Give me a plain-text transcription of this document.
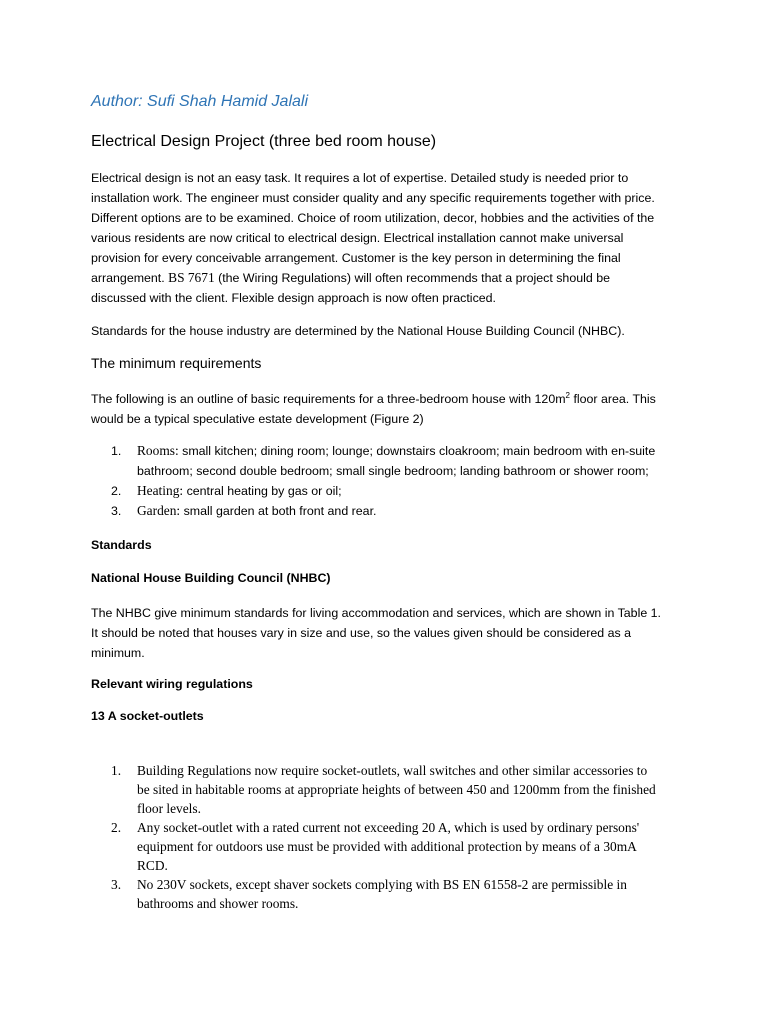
Author: Sufi Shah Hamid Jalali
Electrical Design Project (three bed room house)
Electrical design is not an easy task. It requires a lot of expertise. Detailed study is needed prior to
installation work. The engineer must consider quality and any specific requirements together with price.
Different options are to be examined. Choice of room utilization, decor, hobbies and the activities of the
various residents are now critical to electrical design. Electrical installation cannot make universal
provision for every conceivable arrangement. Customer is the key person in determining the final
arrangement. BS 7671 (the Wiring Regulations) will often recommends that a project should be
discussed with the client. Flexible design approach is now often practiced.
Standards for the house industry are determined by the National House Building Council (NHBC).
The minimum requirements
The following is an outline of basic requirements for a three-bedroom house with $120m^2$ floor area. This
would be a typical speculative estate development (Figure 2)
1. Rooms: small kitchen; dining room; lounge; downstairs cloakroom; main bedroom with en-suite
bathroom; second double bedroom; small single bedroom; landing bathroom or shower room;
2. Heating: central heating by gas or oil;
3. Garden: small garden at both front and rear.
Standards
National House Building Council (NHBC)
The NHBC give minimum standards for living accommodation and services, which are shown in Table 1.
It should be noted that houses vary in size and use, so the values given should be considered as a
minimum.
Relevant wiring regulations
13 A socket-outlets
1. Building Regulations now require socket-outlets, wall switches and other similar accessories to
be sited in habitable rooms at appropriate heights of between 450 and 1200mm from the finished
floor levels.
2. Any socket-outlet with a rated current not exceeding 20 A, which is used by ordinary persons'
equipment for outdoors use must be provided with additional protection by means of a 30mA
RCD.
3. No 230V sockets, except shaver sockets complying with BS EN 61558-2 are permissible in
bathrooms and shower rooms.
